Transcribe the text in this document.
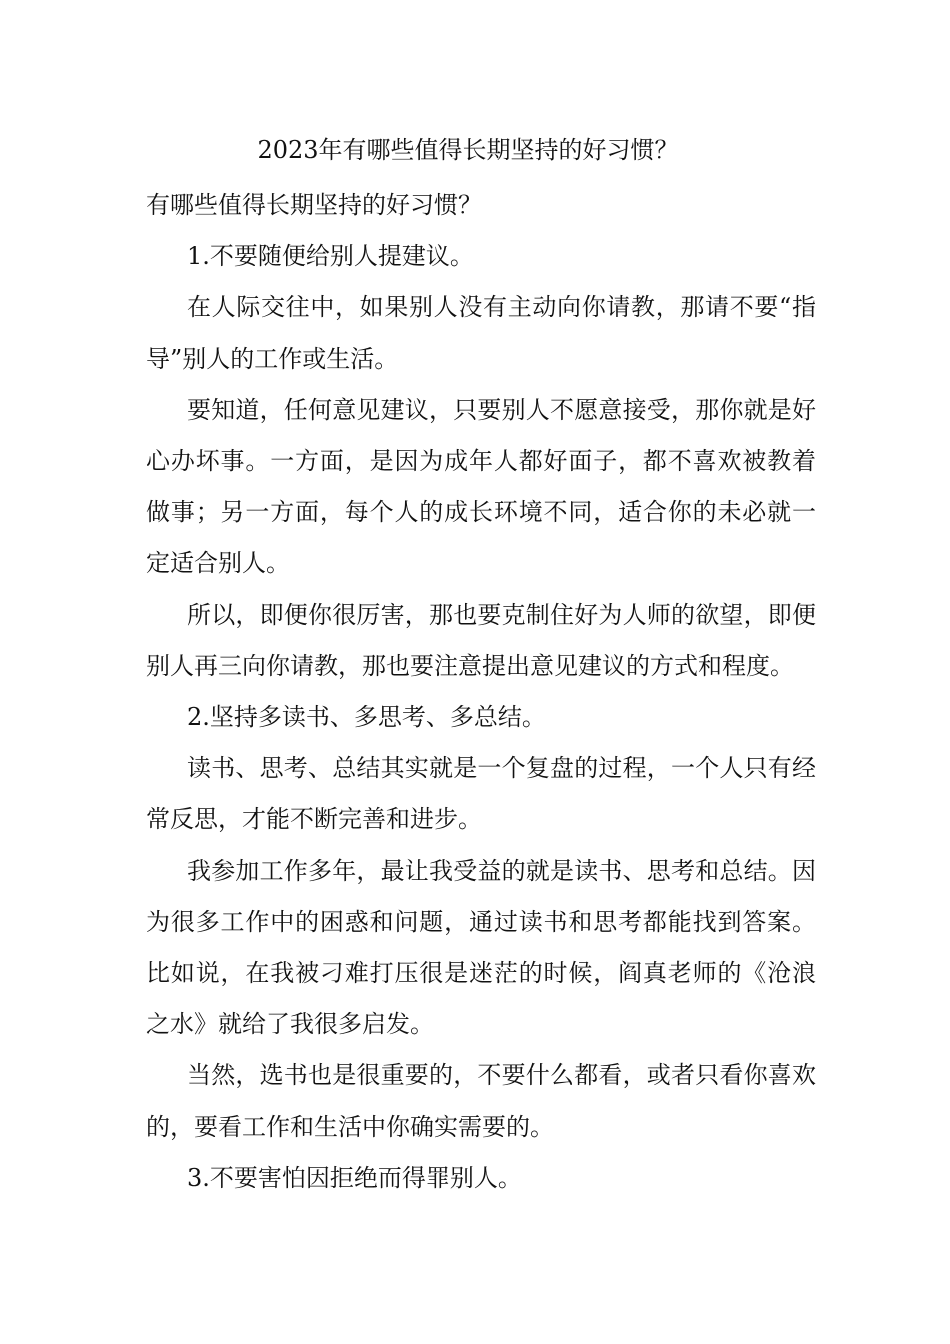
2023年有哪些值得长期坚持的好习惯？

有哪些值得长期坚持的好习惯？

1.不要随便给别人提建议。

在人际交往中，如果别人没有主动向你请教，那请不要“指导”别人的工作或生活。

要知道，任何意见建议，只要别人不愿意接受，那你就是好心办坏事。一方面，是因为成年人都好面子，都不喜欢被教着做事；另一方面，每个人的成长环境不同，适合你的未必就一定适合别人。

所以，即便你很厉害，那也要克制住好为人师的欲望，即便别人再三向你请教，那也要注意提出意见建议的方式和程度。

2.坚持多读书、多思考、多总结。

读书、思考、总结其实就是一个复盘的过程，一个人只有经常反思，才能不断完善和进步。

我参加工作多年，最让我受益的就是读书、思考和总结。因为很多工作中的困惑和问题，通过读书和思考都能找到答案。比如说，在我被刁难打压很是迷茫的时候，阎真老师的《沧浪之水》就给了我很多启发。

当然，选书也是很重要的，不要什么都看，或者只看你喜欢的，要看工作和生活中你确实需要的。

3.不要害怕因拒绝而得罪别人。
